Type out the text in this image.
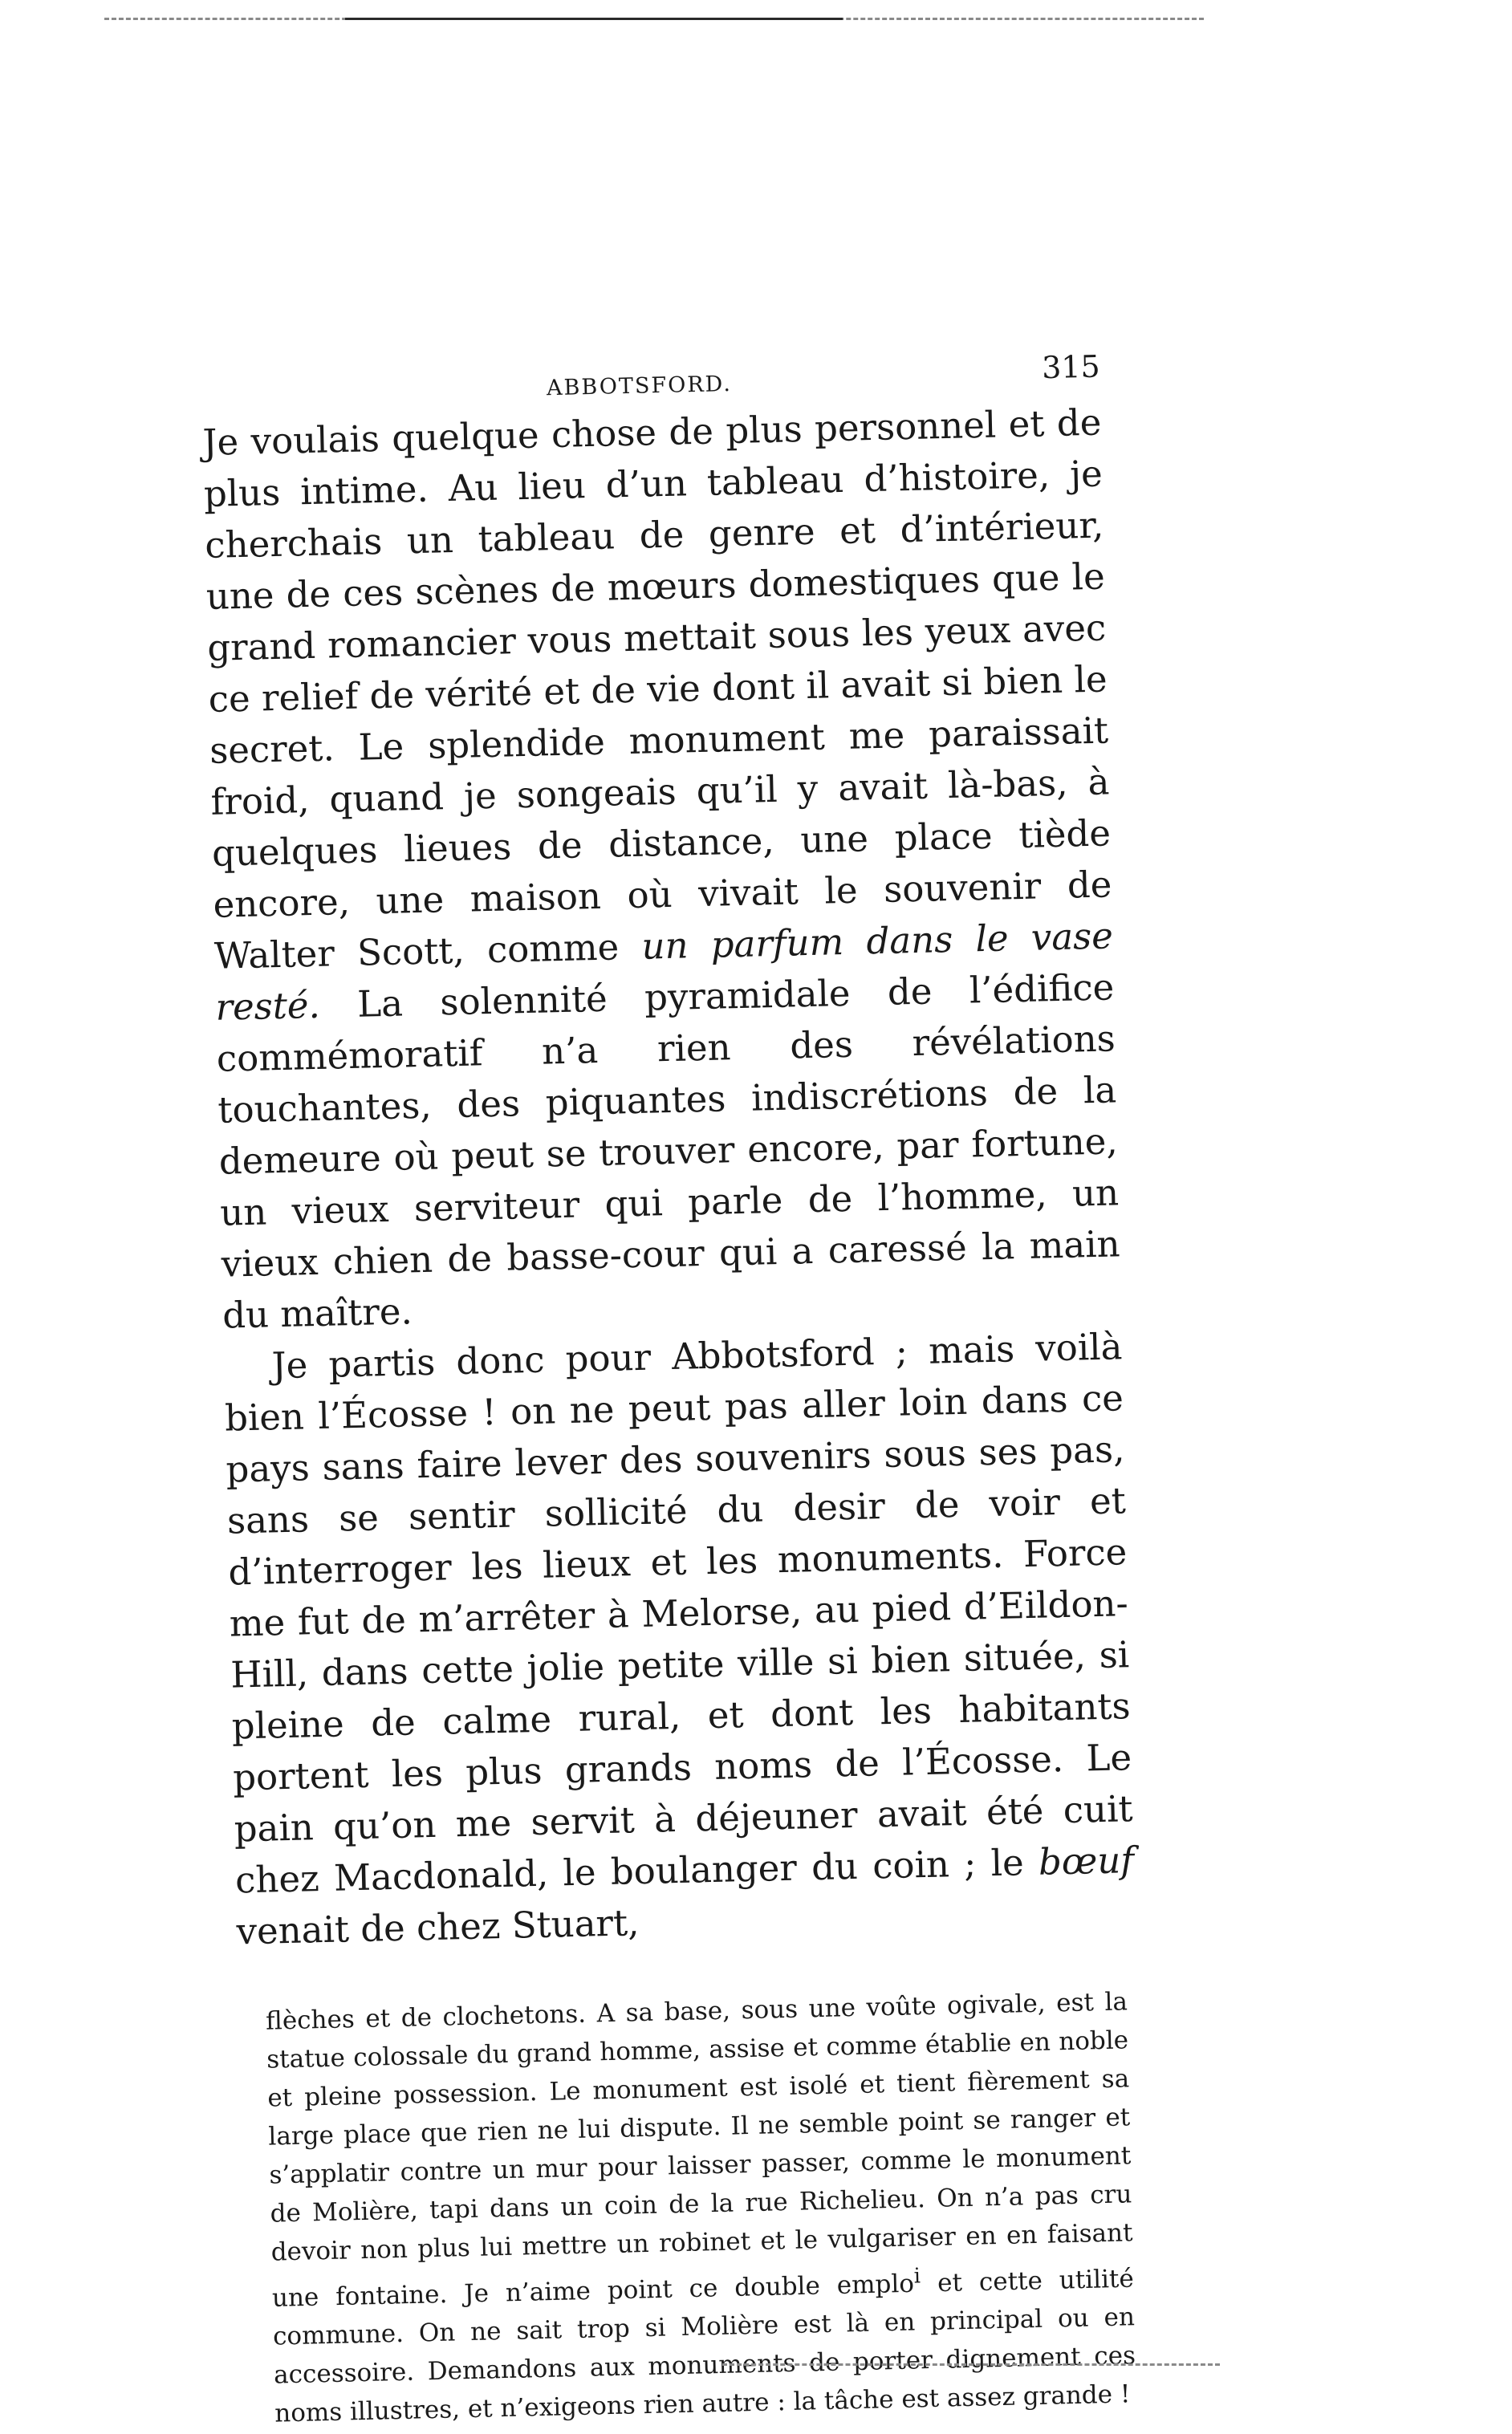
ABBOTSFORD.
315

Je voulais quelque chose de plus personnel et de plus intime. Au lieu d’un tableau d’histoire, je cherchais un tableau de genre et d’intérieur, une de ces scènes de mœurs domestiques que le grand romancier vous mettait sous les yeux avec ce relief de vérité et de vie dont il avait si bien le secret. Le splendide monument me paraissait froid, quand je songeais qu’il y avait là-bas, à quelques lieues de distance, une place tiède encore, une maison où vivait le souvenir de Walter Scott, comme un parfum dans le vase resté. La solennité pyramidale de l’édifice commémoratif n’a rien des révélations touchantes, des piquantes indiscrétions de la demeure où peut se trouver encore, par fortune, un vieux serviteur qui parle de l’homme, un vieux chien de basse-cour qui a caressé la main du maître.

Je partis donc pour Abbotsford ; mais voilà bien l’Écosse ! on ne peut pas aller loin dans ce pays sans faire lever des souvenirs sous ses pas, sans se sentir sollicité du desir de voir et d’interroger les lieux et les monuments. Force me fut de m’arrêter à Melorse, au pied d’Eildon-Hill, dans cette jolie petite ville si bien située, si pleine de calme rural, et dont les habitants portent les plus grands noms de l’Écosse. Le pain qu’on me servit à déjeuner avait été cuit chez Macdonald, le boulanger du coin ; le bœuf venait de chez Stuart,

flèches et de clochetons. A sa base, sous une voûte ogivale, est la statue colossale du grand homme, assise et comme établie en noble et pleine possession. Le monument est isolé et tient fièrement sa large place que rien ne lui dispute. Il ne semble point se ranger et s’applatir contre un mur pour laisser passer, comme le monument de Molière, tapi dans un coin de la rue Richelieu. On n’a pas cru devoir non plus lui mettre un robinet et le vulgariser en en faisant une fontaine. Je n’aime point ce double emplo$^i$ et cette utilité commune. On ne sait trop si Molière est là en principal ou en accessoire. Demandons aux monuments de porter dignement ces noms illustres, et n’exigeons rien autre : la tâche est assez grande !
